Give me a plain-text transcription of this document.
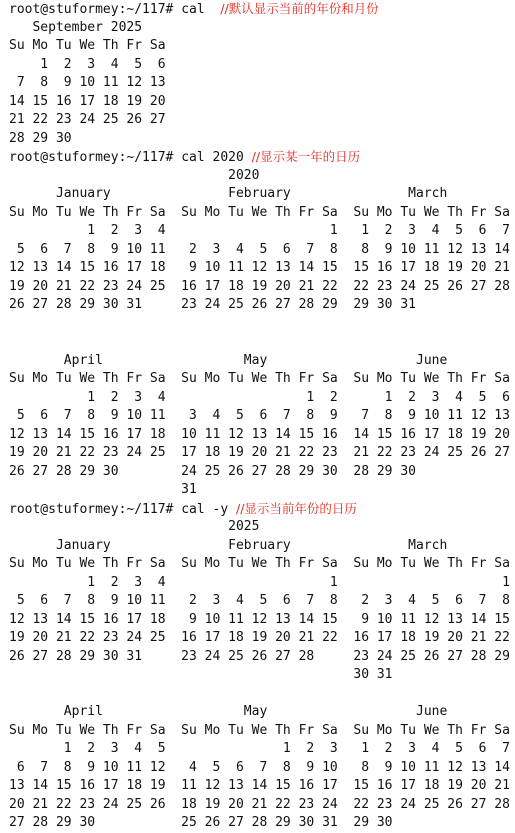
root@stuformey:~/117# cal  //默认显示当前的年份和月份
September 2025
Su Mo Tu We Th Fr Sa
1  2  3  4  5  6
7  8  9 10 11 12 13
14 15 16 17 18 19 20
21 22 23 24 25 26 27
28 29 30
root@stuformey:~/117# cal 2020 //显示某一年的日历
2020
January               February               March
Su Mo Tu We Th Fr Sa  Su Mo Tu We Th Fr Sa  Su Mo Tu We Th Fr Sa
1  2  3  4                     1   1  2  3  4  5  6  7
5  6  7  8  9 10 11   2  3  4  5  6  7  8   8  9 10 11 12 13 14
12 13 14 15 16 17 18   9 10 11 12 13 14 15  15 16 17 18 19 20 21
19 20 21 22 23 24 25  16 17 18 19 20 21 22  22 23 24 25 26 27 28
26 27 28 29 30 31     23 24 25 26 27 28 29  29 30 31
April                  May                   June
Su Mo Tu We Th Fr Sa  Su Mo Tu We Th Fr Sa  Su Mo Tu We Th Fr Sa
1  2  3  4                  1  2      1  2  3  4  5  6
5  6  7  8  9 10 11   3  4  5  6  7  8  9   7  8  9 10 11 12 13
12 13 14 15 16 17 18  10 11 12 13 14 15 16  14 15 16 17 18 19 20
19 20 21 22 23 24 25  17 18 19 20 21 22 23  21 22 23 24 25 26 27
26 27 28 29 30        24 25 26 27 28 29 30  28 29 30
31
root@stuformey:~/117# cal -y //显示当前年份的日历
2025
January               February               March
Su Mo Tu We Th Fr Sa  Su Mo Tu We Th Fr Sa  Su Mo Tu We Th Fr Sa
1  2  3  4                     1                     1
5  6  7  8  9 10 11   2  3  4  5  6  7  8   2  3  4  5  6  7  8
12 13 14 15 16 17 18   9 10 11 12 13 14 15   9 10 11 12 13 14 15
19 20 21 22 23 24 25  16 17 18 19 20 21 22  16 17 18 19 20 21 22
26 27 28 29 30 31     23 24 25 26 27 28     23 24 25 26 27 28 29
30 31
April                  May                   June
Su Mo Tu We Th Fr Sa  Su Mo Tu We Th Fr Sa  Su Mo Tu We Th Fr Sa
1  2  3  4  5               1  2  3   1  2  3  4  5  6  7
6  7  8  9 10 11 12   4  5  6  7  8  9 10   8  9 10 11 12 13 14
13 14 15 16 17 18 19  11 12 13 14 15 16 17  15 16 17 18 19 20 21
20 21 22 23 24 25 26  18 19 20 21 22 23 24  22 23 24 25 26 27 28
27 28 29 30           25 26 27 28 29 30 31  29 30
